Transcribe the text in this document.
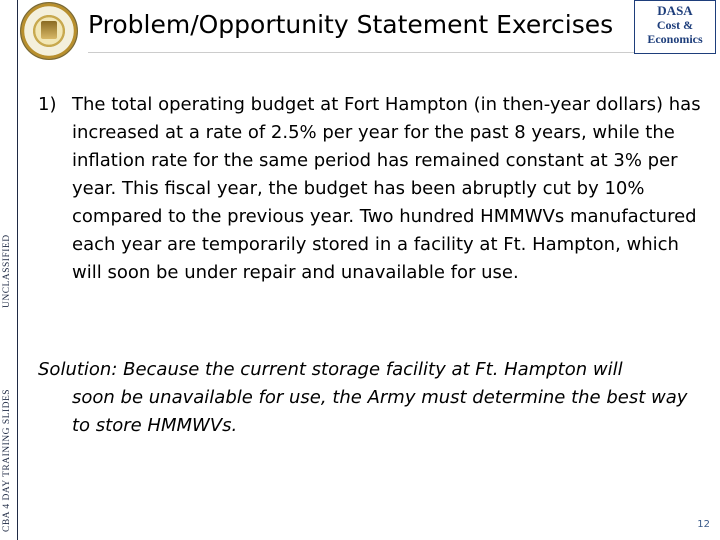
UNCLASSIFIED
CBA 4 DAY TRAINING SLIDES
Problem/Opportunity Statement Exercises	DASA
Cost &
Economics
1) The total operating budget at Fort Hampton (in then-year dollars) has increased at a rate of 2.5% per year for the past 8 years, while the inflation rate for the same period has remained constant at 3% per year. This fiscal year, the budget has been abruptly cut by 10% compared to the previous year. Two hundred HMMWVs manufactured each year are temporarily stored in a facility at Ft. Hampton, which will soon be under repair and unavailable for use.
Solution: Because the current storage facility at Ft. Hampton will
soon be unavailable for use, the Army must determine the best way to store HMMWVs.
12
